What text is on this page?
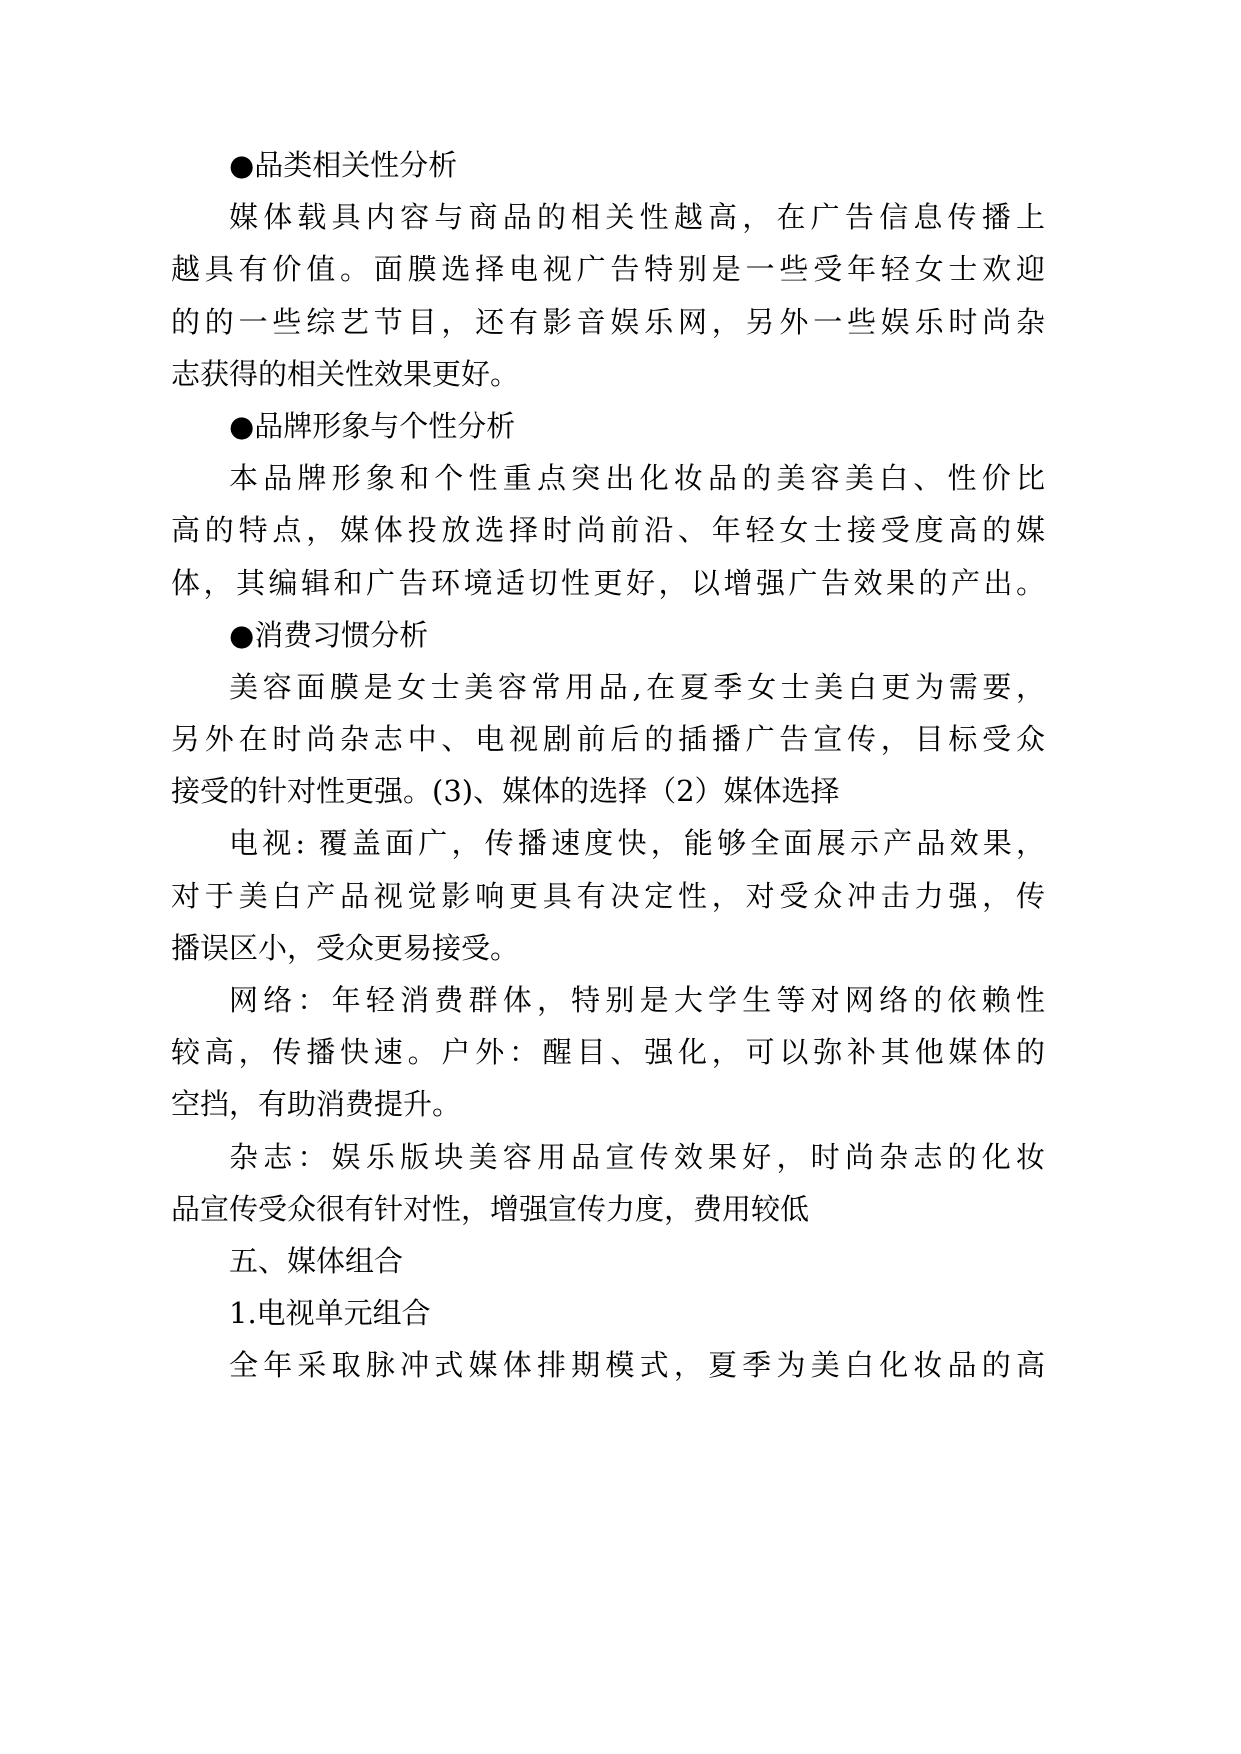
●品类相关性分析
媒体载具内容与商品的相关性越高，在广告信息传播上
越具有价值。面膜选择电视广告特别是一些受年轻女士欢迎
的的一些综艺节目，还有影音娱乐网，另外一些娱乐时尚杂
志获得的相关性效果更好。
●品牌形象与个性分析
本品牌形象和个性重点突出化妆品的美容美白、性价比
高的特点，媒体投放选择时尚前沿、年轻女士接受度高的媒
体，其编辑和广告环境适切性更好，以增强广告效果的产出。
●消费习惯分析
美容面膜是女士美容常用品,在夏季女士美白更为需要，
另外在时尚杂志中、电视剧前后的插播广告宣传，目标受众
接受的针对性更强。(3)、媒体的选择（2）媒体选择
电视: 覆盖面广，传播速度快，能够全面展示产品效果，
对于美白产品视觉影响更具有决定性，对受众冲击力强，传
播误区小，受众更易接受。
网络：年轻消费群体，特别是大学生等对网络的依赖性
较高，传播快速。户外：醒目、强化，可以弥补其他媒体的
空挡，有助消费提升。
杂志：娱乐版块美容用品宣传效果好，时尚杂志的化妆
品宣传受众很有针对性，增强宣传力度，费用较低
五、媒体组合
1.电视单元组合
全年采取脉冲式媒体排期模式，夏季为美白化妆品的高
